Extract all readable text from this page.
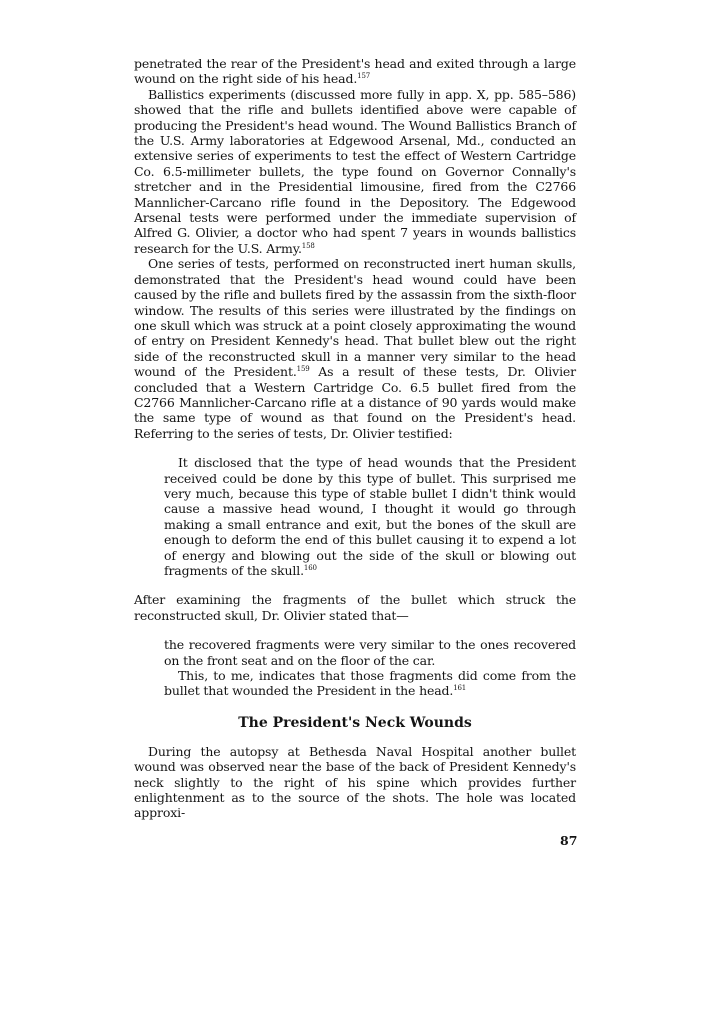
penetrated the rear of the President's head and exited through a large wound on the right side of his head.$^{157}$

Ballistics experiments (discussed more fully in app. X, pp. 585–586) showed that the rifle and bullets identified above were capable of producing the President's head wound. The Wound Ballistics Branch of the U.S. Army laboratories at Edgewood Arsenal, Md., conducted an extensive series of experiments to test the effect of Western Cartridge Co. 6.5-millimeter bullets, the type found on Governor Connally's stretcher and in the Presidential limousine, fired from the C2766 Mannlicher-Carcano rifle found in the Depository. The Edgewood Arsenal tests were performed under the immediate supervision of Alfred G. Olivier, a doctor who had spent 7 years in wounds ballistics research for the U.S. Army.$^{158}$

One series of tests, performed on reconstructed inert human skulls, demonstrated that the President's head wound could have been caused by the rifle and bullets fired by the assassin from the sixth-floor window. The results of this series were illustrated by the findings on one skull which was struck at a point closely approximating the wound of entry on President Kennedy's head. That bullet blew out the right side of the reconstructed skull in a manner very similar to the head wound of the President.$^{159}$ As a result of these tests, Dr. Olivier concluded that a Western Cartridge Co. 6.5 bullet fired from the C2766 Mannlicher-Carcano rifle at a distance of 90 yards would make the same type of wound as that found on the President's head. Referring to the series of tests, Dr. Olivier testified:

It disclosed that the type of head wounds that the President received could be done by this type of bullet. This surprised me very much, because this type of stable bullet I didn't think would cause a massive head wound, I thought it would go through making a small entrance and exit, but the bones of the skull are enough to deform the end of this bullet causing it to expend a lot of energy and blowing out the side of the skull or blowing out fragments of the skull.$^{160}$

After examining the fragments of the bullet which struck the reconstructed skull, Dr. Olivier stated that—

the recovered fragments were very similar to the ones recovered on the front seat and on the floor of the car.

This, to me, indicates that those fragments did come from the bullet that wounded the President in the head.$^{161}$

The President's Neck Wounds

During the autopsy at Bethesda Naval Hospital another bullet wound was observed near the base of the back of President Kennedy's neck slightly to the right of his spine which provides further enlightenment as to the source of the shots. The hole was located approxi-

87
